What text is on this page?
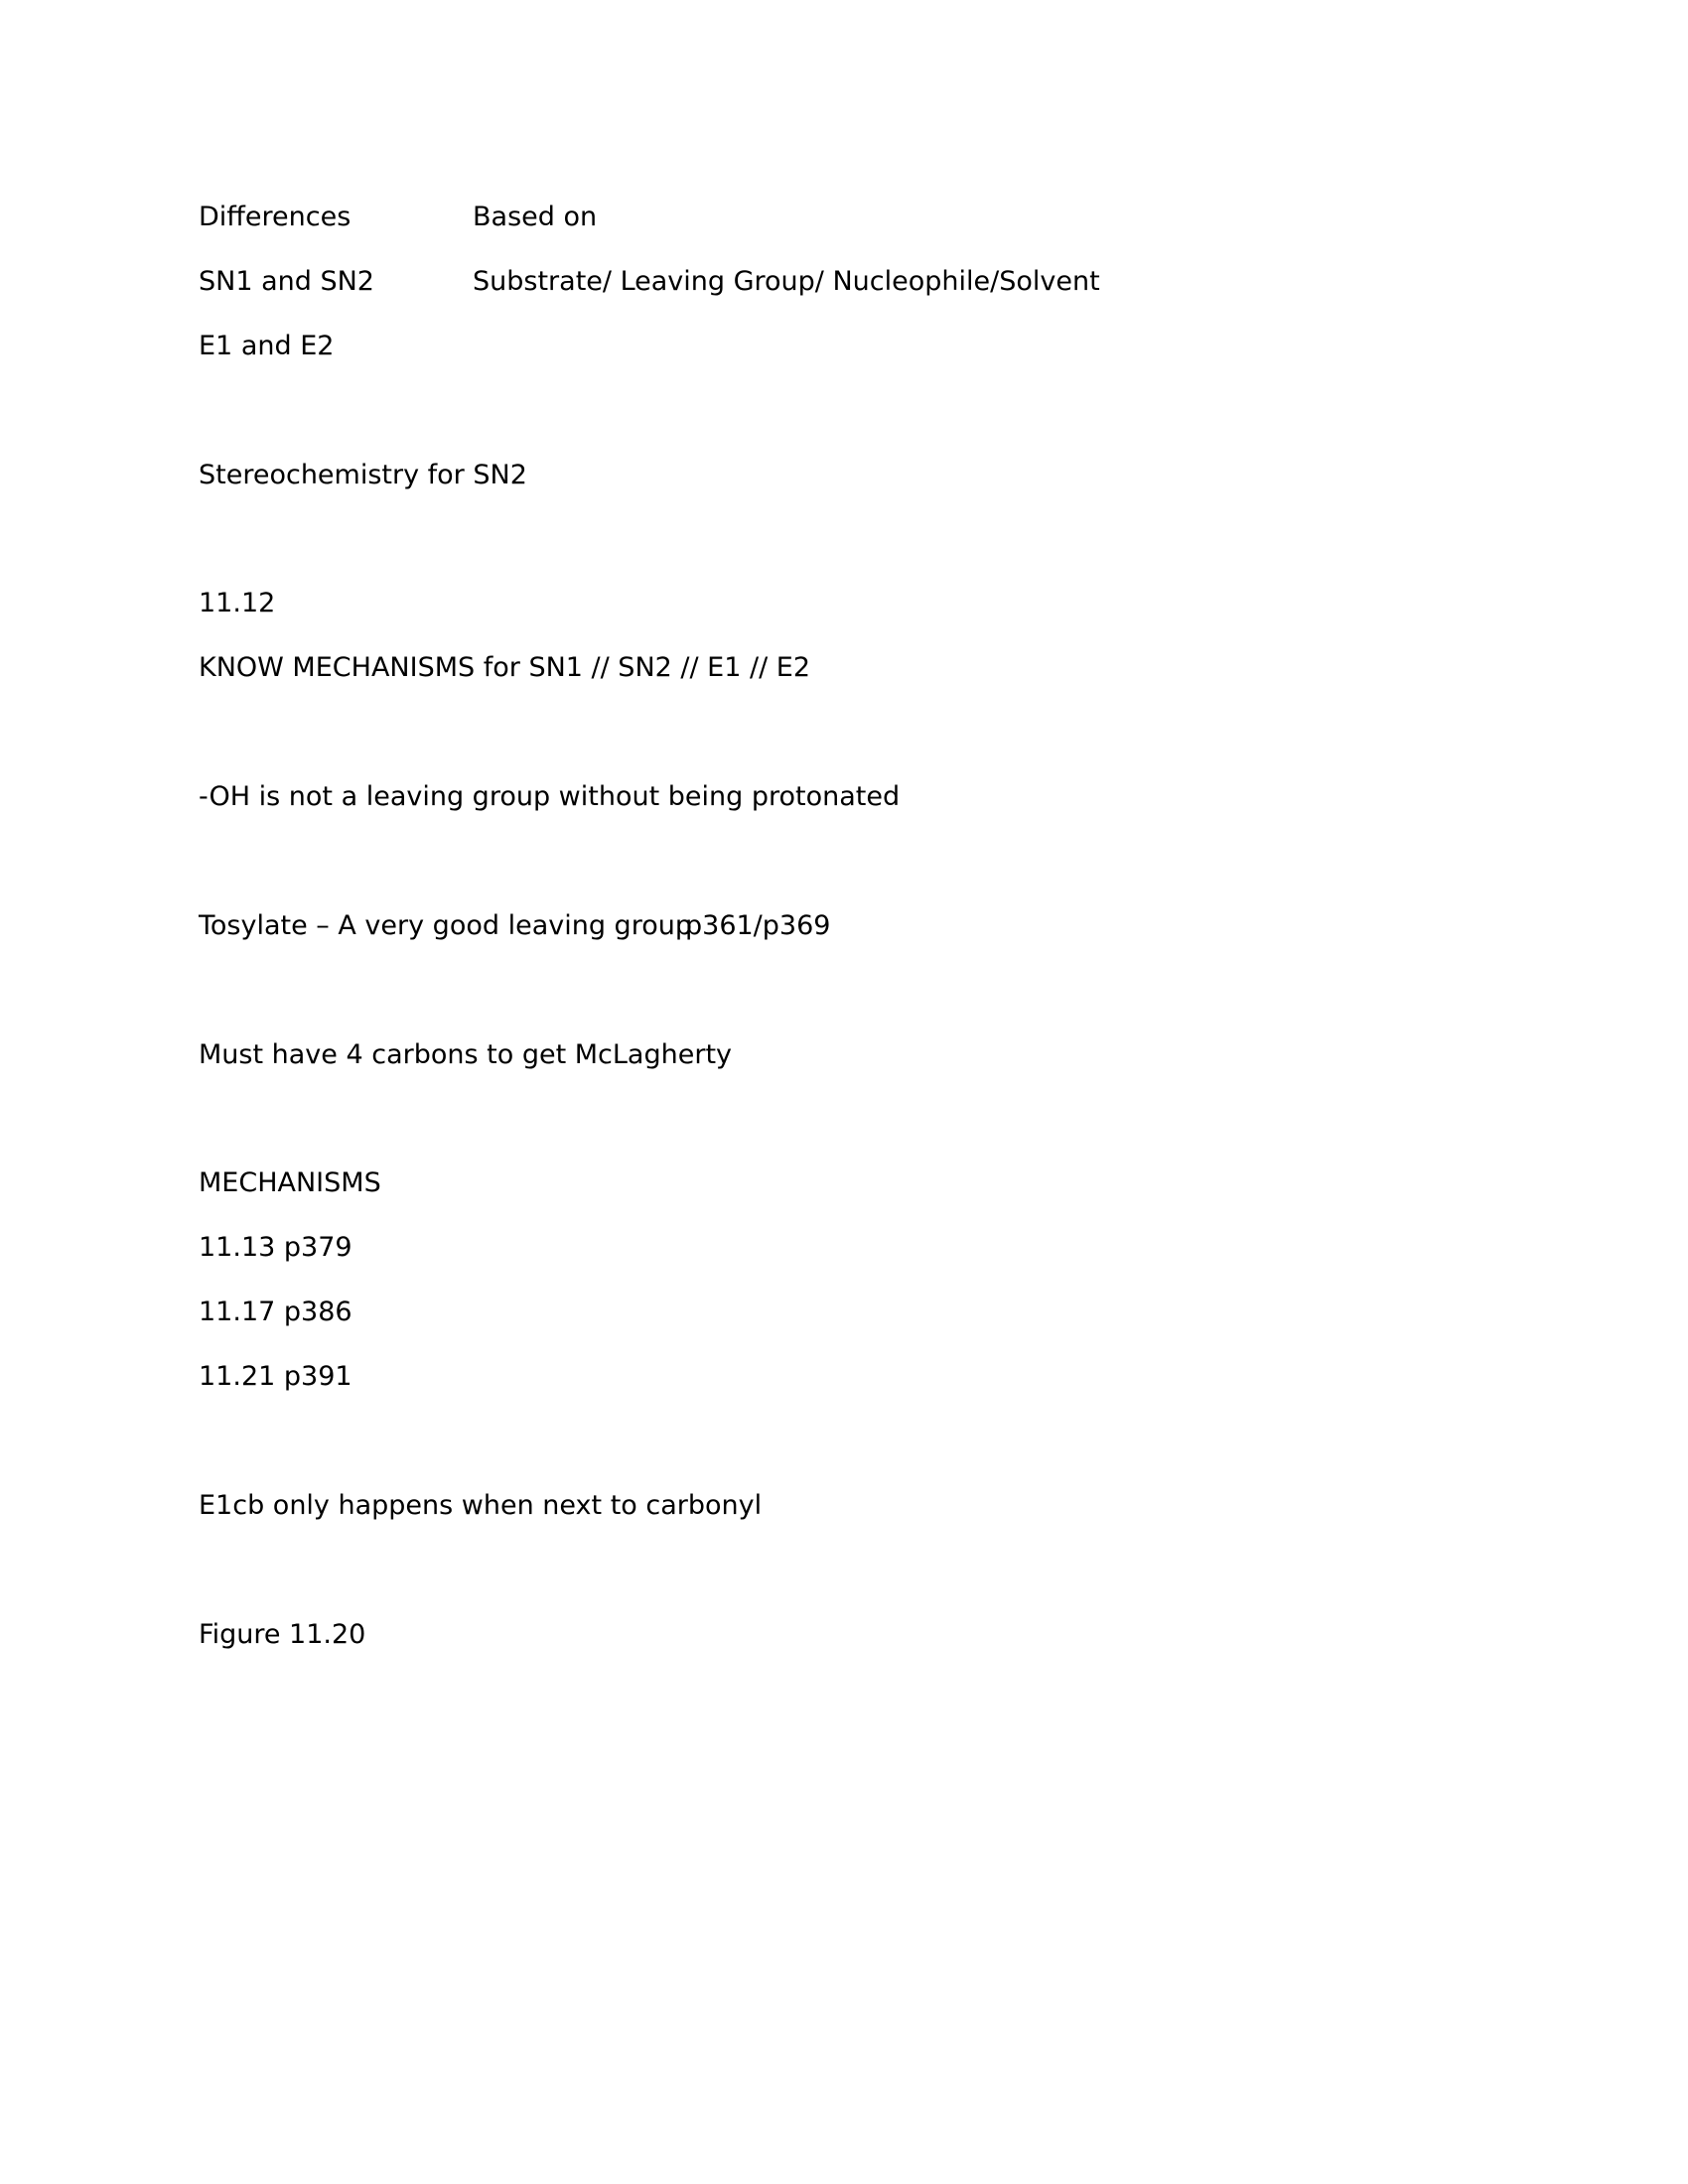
Differences	Based on
SN1 and SN2	Substrate/ Leaving Group/ Nucleophile/Solvent
E1 and E2
Stereochemistry for SN2
11.12
KNOW MECHANISMS for SN1 // SN2 // E1 // E2
-OH is not a leaving group without being protonated
Tosylate – A very good leaving group
p361/p369
Must have 4 carbons to get McLagherty
MECHANISMS
11.13 p379
11.17 p386
11.21 p391
E1cb only happens when next to carbonyl
Figure 11.20
